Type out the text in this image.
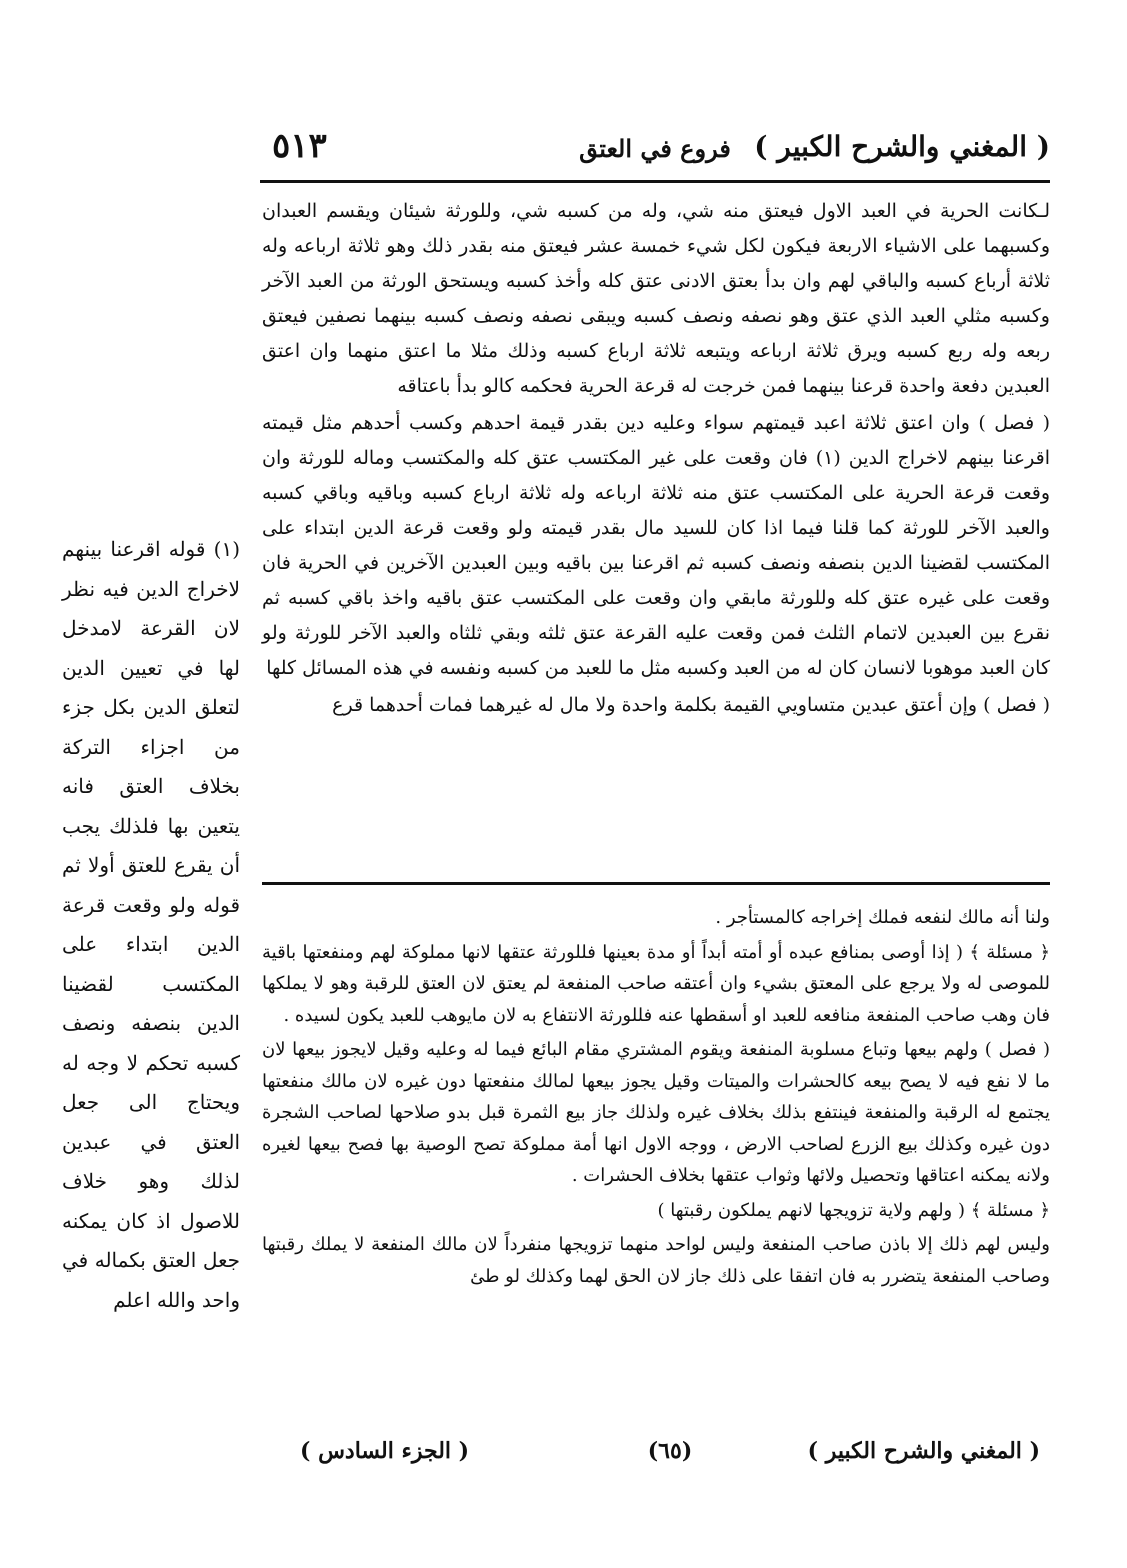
( المغني والشرح الكبير )
فروع في العتق
٥١٣

لـكانت الحرية في العبد الاول فيعتق منه شي، وله من كسبه شي، وللورثة شيئان ويقسم العبدان وكسبهما على الاشياء الاربعة فيكون لكل شيء خمسة عشر فيعتق منه بقدر ذلك وهو ثلاثة ارباعه وله ثلاثة أرباع كسبه والباقي لهم وان بدأ بعتق الادنى عتق كله وأخذ كسبه ويستحق الورثة من العبد الآخر وكسبه مثلي العبد الذي عتق وهو نصفه ونصف كسبه ويبقى نصفه ونصف كسبه بينهما نصفين فيعتق ربعه وله ربع كسبه ويرق ثلاثة ارباعه ويتبعه ثلاثة ارباع كسبه وذلك مثلا ما اعتق منهما وان اعتق العبدين دفعة واحدة قرعنا بينهما فمن خرجت له قرعة الحرية فحكمه كالو بدأ باعتاقه

( فصل ) وان اعتق ثلاثة اعبد قيمتهم سواء وعليه دين بقدر قيمة احدهم وكسب أحدهم مثل قيمته اقرعنا بينهم لاخراج الدين (١) فان وقعت على غير المكتسب عتق كله والمكتسب وماله للورثة وان وقعت قرعة الحرية على المكتسب عتق منه ثلاثة ارباعه وله ثلاثة ارباع كسبه وباقيه وباقي كسبه والعبد الآخر للورثة كما قلنا فيما اذا كان للسيد مال بقدر قيمته ولو وقعت قرعة الدين ابتداء على المكتسب لقضينا الدين بنصفه ونصف كسبه ثم اقرعنا بين باقيه وبين العبدين الآخرين في الحرية فان وقعت على غيره عتق كله وللورثة مابقي وان وقعت على المكتسب عتق باقيه واخذ باقي كسبه ثم نقرع بين العبدين لاتمام الثلث فمن وقعت عليه القرعة عتق ثلثه وبقي ثلثاه والعبد الآخر للورثة ولو كان العبد موهوبا لانسان كان له من العبد وكسبه مثل ما للعبد من كسبه ونفسه في هذه المسائل كلها

( فصل ) وإن أعتق عبدين متساويي القيمة بكلمة واحدة ولا مال له غيرهما فمات أحدهما قرع

(١) قوله اقرعنا بينهم لاخراج الدين فيه نظر لان القرعة لامدخل لها في تعيين الدين لتعلق الدين بكل جزء من اجزاء التركة بخلاف العتق فانه يتعين بها فلذلك يجب أن يقرع للعتق أولا ثم قوله ولو وقعت قرعة الدين ابتداء على المكتسب لقضينا الدين بنصفه ونصف كسبه تحكم لا وجه له ويحتاج الى جعل العتق في عبدين لذلك وهو خلاف للاصول اذ كان يمكنه جعل العتق بكماله في واحد والله اعلم

ولنا أنه مالك لنفعه فملك إخراجه كالمستأجر .

﴿ مسئلة ﴾ ( إذا أوصى بمنافع عبده أو أمته أبداً أو مدة بعينها فللورثة عتقها لانها مملوكة لهم ومنفعتها باقية للموصى له ولا يرجع على المعتق بشيء وان أعتقه صاحب المنفعة لم يعتق لان العتق للرقبة وهو لا يملكها فان وهب صاحب المنفعة منافعه للعبد او أسقطها عنه فللورثة الانتفاع به لان مايوهب للعبد يكون لسيده .

( فصل ) ولهم بيعها وتباع مسلوبة المنفعة ويقوم المشتري مقام البائع فيما له وعليه وقيل لايجوز بيعها لان ما لا نفع فيه لا يصح بيعه كالحشرات والميتات وقيل يجوز بيعها لمالك منفعتها دون غيره لان مالك منفعتها يجتمع له الرقبة والمنفعة فينتفع بذلك بخلاف غيره ولذلك جاز بيع الثمرة قبل بدو صلاحها لصاحب الشجرة دون غيره وكذلك بيع الزرع لصاحب الارض ، ووجه الاول انها أمة مملوكة تصح الوصية بها فصح بيعها لغيره ولانه يمكنه اعتاقها وتحصيل ولائها وثواب عتقها بخلاف الحشرات .

﴿ مسئلة ﴾ ( ولهم ولاية تزويجها لانهم يملكون رقبتها )

وليس لهم ذلك إلا باذن صاحب المنفعة وليس لواحد منهما تزويجها منفرداً لان مالك المنفعة لا يملك رقبتها وصاحب المنفعة يتضرر به فان اتفقا على ذلك جاز لان الحق لهما وكذلك لو طئ

( المغني والشرح الكبير )
(٦٥)
( الجزء السادس )
